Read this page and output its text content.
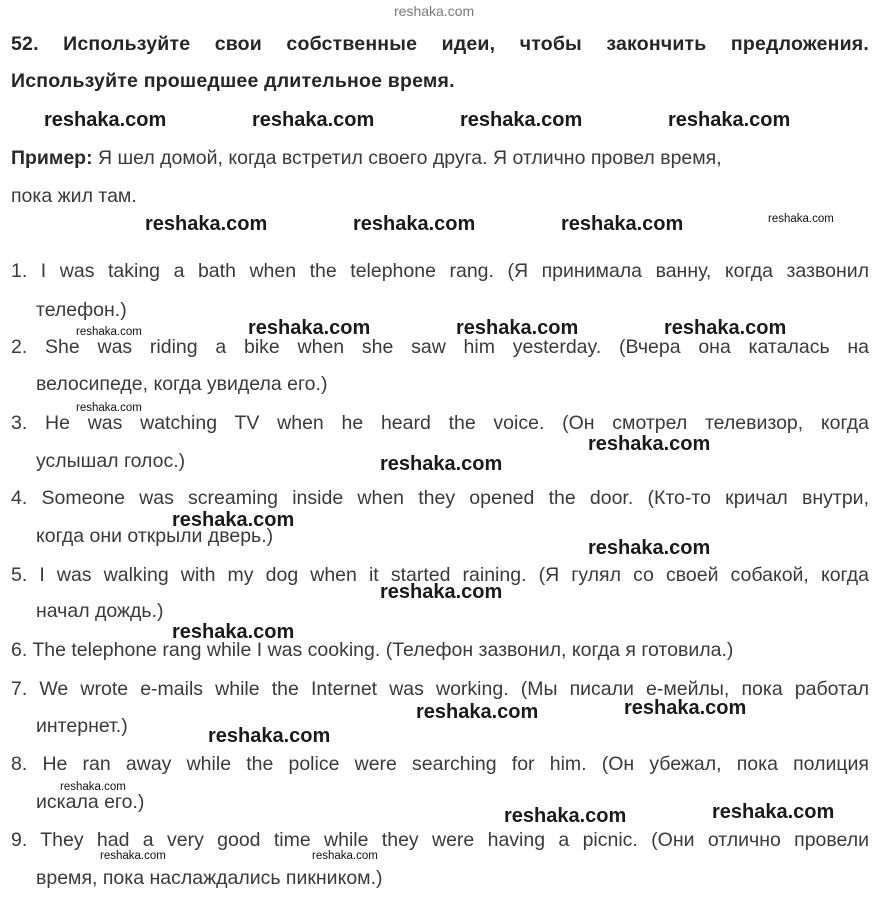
52. Используйте свои собственные идеи, чтобы закончить предложения.
Используйте прошедшее длительное время.
Пример: Я шел домой, когда встретил своего друга. Я отлично провел время,
пока жил там.
1. I was taking a bath when the telephone rang. (Я принимала ванну, когда зазвонил
телефон.)
2. She was riding a bike when she saw him yesterday. (Вчера она каталась на
велосипеде, когда увидела его.)
3. He was watching TV when he heard the voice. (Он смотрел телевизор, когда
услышал голос.)
4. Someone was screaming inside when they opened the door. (Кто-то кричал внутри,
когда они открыли дверь.)
5. I was walking with my dog when it started raining. (Я гулял со своей собакой, когда
начал дождь.)
6. The telephone rang while I was cooking. (Телефон зазвонил, когда я готовила.)
7. We wrote e-mails while the Internet was working. (Мы писали е-мейлы, пока работал
интернет.)
8. He ran away while the police were searching for him. (Он убежал, пока полиция
искала его.)
9. They had a very good time while they were having a picnic. (Они отлично провели
время, пока наслаждались пикником.)
reshaka.com
reshaka.com	reshaka.com	reshaka.com	reshaka.com
reshaka.com	reshaka.com	reshaka.com	reshaka.com
reshaka.com	reshaka.com	reshaka.com	reshaka.com
reshaka.com
reshaka.com
reshaka.com
reshaka.com
reshaka.com
reshaka.com
reshaka.com
reshaka.com	reshaka.com
reshaka.com
reshaka.com
reshaka.com	reshaka.com
reshaka.com	reshaka.com
